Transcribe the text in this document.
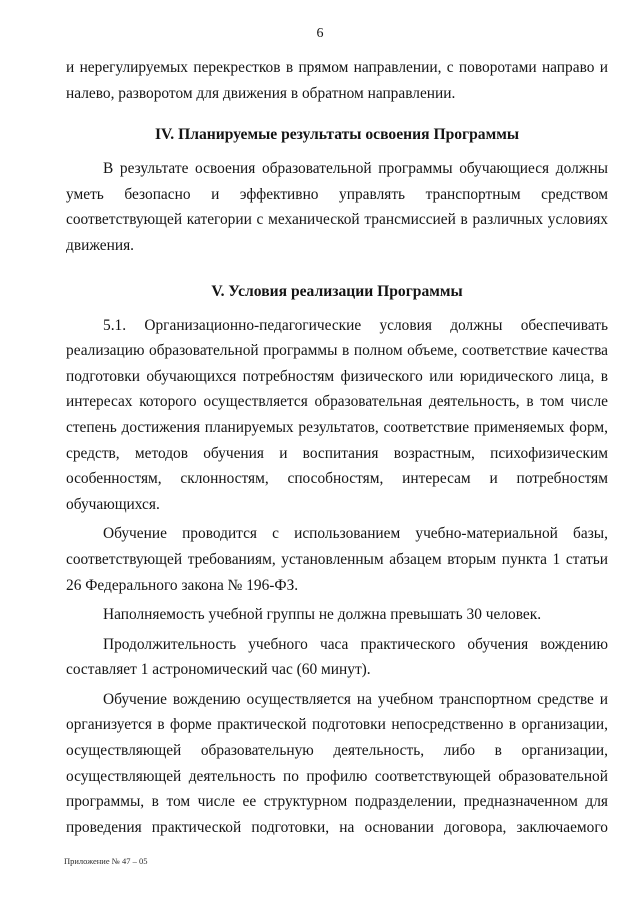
6

и нерегулируемых перекрестков в прямом направлении, с поворотами направо и налево, разворотом для движения в обратном направлении.

IV. Планируемые результаты освоения Программы

В результате освоения образовательной программы обучающиеся должны уметь безопасно и эффективно управлять транспортным средством соответствующей категории с механической трансмиссией в различных условиях движения.

V. Условия реализации Программы

5.1. Организационно-педагогические условия должны обеспечивать реализацию образовательной программы в полном объеме, соответствие качества подготовки обучающихся потребностям физического или юридического лица, в интересах которого осуществляется образовательная деятельность, в том числе степень достижения планируемых результатов, соответствие применяемых форм, средств, методов обучения и воспитания возрастным, психофизическим особенностям, склонностям, способностям, интересам и потребностям обучающихся.

Обучение проводится с использованием учебно-материальной базы, соответствующей требованиям, установленным абзацем вторым пункта 1 статьи 26 Федерального закона № 196-ФЗ.

Наполняемость учебной группы не должна превышать 30 человек.

Продолжительность учебного часа практического обучения вождению составляет 1 астрономический час (60 минут).

Обучение вождению осуществляется на учебном транспортном средстве и организуется в форме практической подготовки непосредственно в организации, осуществляющей образовательную деятельность, либо в организации, осуществляющей деятельность по профилю соответствующей образовательной программы, в том числе ее структурном подразделении, предназначенном для проведения практической подготовки, на основании договора, заключаемого

Приложение № 47 – 05
